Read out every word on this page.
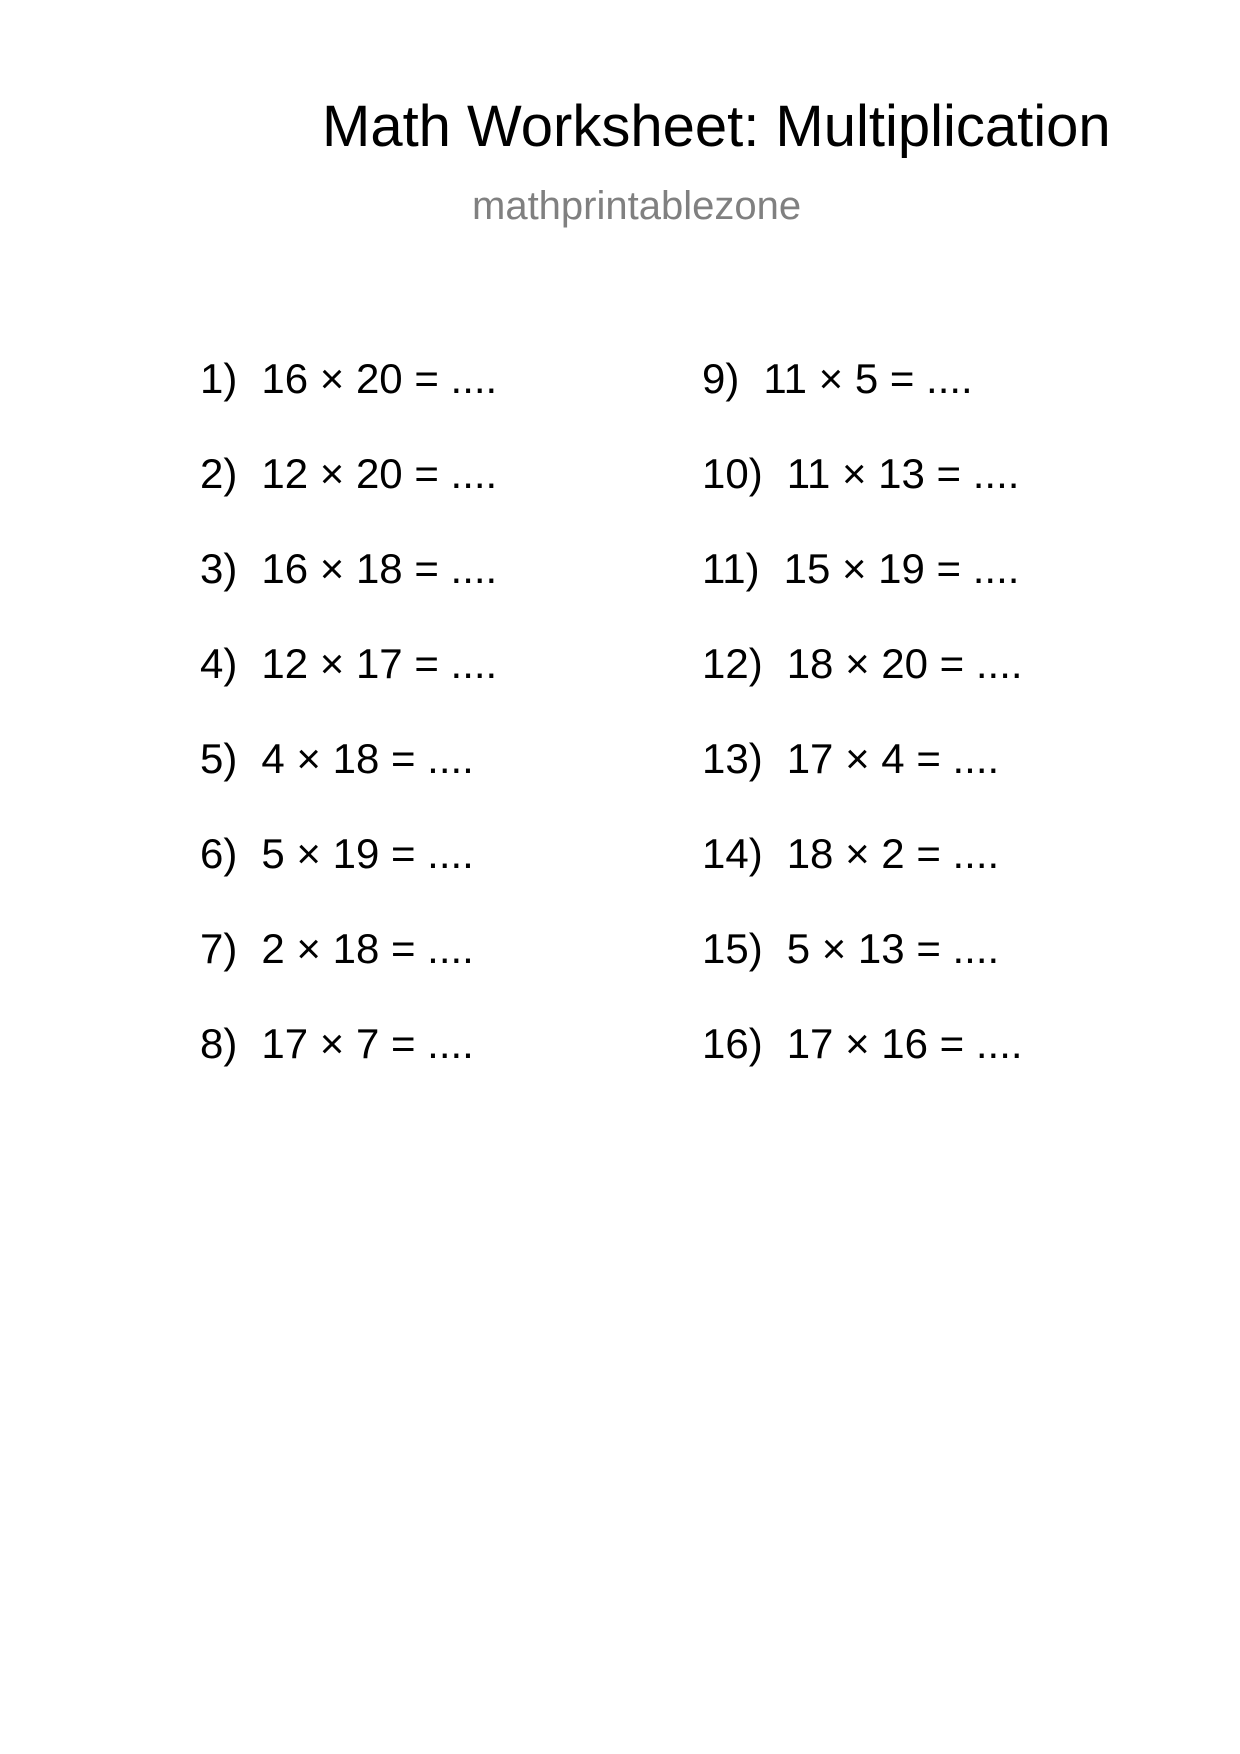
Math Worksheet: Multiplication
mathprintablezone
1) 16 × 20 = ....
2) 12 × 20 = ....
3) 16 × 18 = ....
4) 12 × 17 = ....
5) 4 × 18 = ....
6) 5 × 19 = ....
7) 2 × 18 = ....
8) 17 × 7 = ....
9) 11 × 5 = ....
10) 11 × 13 = ....
11) 15 × 19 = ....
12) 18 × 20 = ....
13) 17 × 4 = ....
14) 18 × 2 = ....
15) 5 × 13 = ....
16) 17 × 16 = ....
